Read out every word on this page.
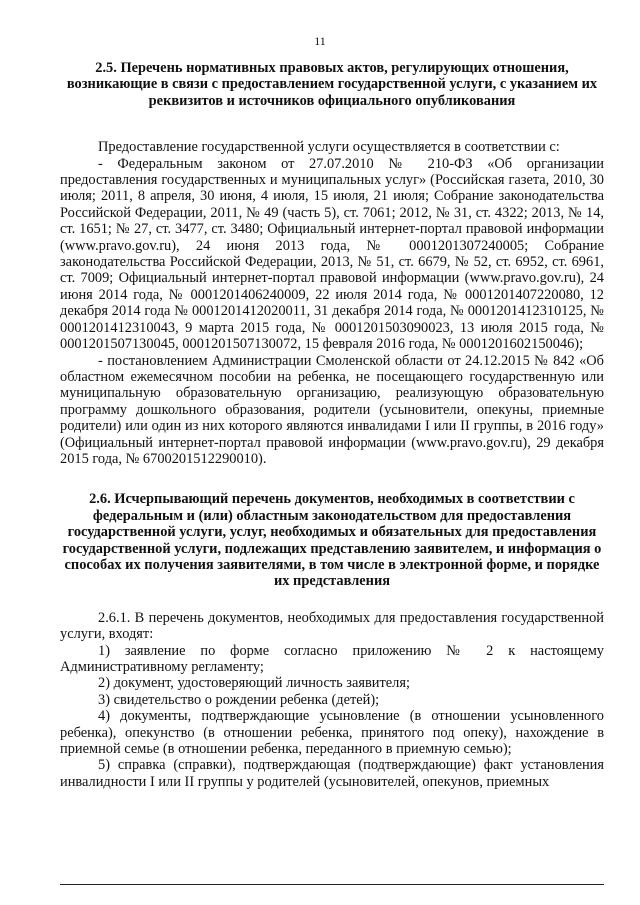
11

2.5. Перечень нормативных правовых актов, регулирующих отношения, возникающие в связи с предоставлением государственной услуги, с указанием их реквизитов и источников официального опубликования

Предоставление государственной услуги осуществляется в соответствии с:

- Федеральным законом от 27.07.2010 № 210-ФЗ «Об организации предоставления государственных и муниципальных услуг» (Российская газета, 2010, 30 июля; 2011, 8 апреля, 30 июня, 4 июля, 15 июля, 21 июля; Собрание законодательства Российской Федерации, 2011, № 49 (часть 5), ст. 7061; 2012, № 31, ст. 4322; 2013, № 14, ст. 1651; № 27, ст. 3477, ст. 3480; Официальный интернет-портал правовой информации (www.pravo.gov.ru), 24 июня 2013 года, № 0001201307240005; Собрание законодательства Российской Федерации, 2013, № 51, ст. 6679, № 52, ст. 6952, ст. 6961, ст. 7009; Официальный интернет-портал правовой информации (www.pravo.gov.ru), 24 июня 2014 года, № 0001201406240009, 22 июля 2014 года, № 0001201407220080, 12 декабря 2014 года № 0001201412020011, 31 декабря 2014 года, № 0001201412310125, № 0001201412310043, 9 марта 2015 года, № 0001201503090023, 13 июля 2015 года, № 0001201507130045, 0001201507130072, 15 февраля 2016 года, № 0001201602150046);

- постановлением Администрации Смоленской области от 24.12.2015 № 842 «Об областном ежемесячном пособии на ребенка, не посещающего государственную или муниципальную образовательную организацию, реализующую образовательную программу дошкольного образования, родители (усыновители, опекуны, приемные родители) или один из них которого являются инвалидами I или II группы, в 2016 году» (Официальный интернет-портал правовой информации (www.pravo.gov.ru), 29 декабря 2015 года, № 6700201512290010).

2.6. Исчерпывающий перечень документов, необходимых в соответствии с федеральным и (или) областным законодательством для предоставления государственной услуги, услуг, необходимых и обязательных для предоставления государственной услуги, подлежащих представлению заявителем, и информация о способах их получения заявителями, в том числе в электронной форме, и порядке их представления

2.6.1. В перечень документов, необходимых для предоставления государственной услуги, входят:

1) заявление по форме согласно приложению № 2 к настоящему Административному регламенту;

2) документ, удостоверяющий личность заявителя;

3) свидетельство о рождении ребенка (детей);

4) документы, подтверждающие усыновление (в отношении усыновленного ребенка), опекунство (в отношении ребенка, принятого под опеку), нахождение в приемной семье (в отношении ребенка, переданного в приемную семью);

5) справка (справки), подтверждающая (подтверждающие) факт установления инвалидности I или II группы у родителей (усыновителей, опекунов, приемных
